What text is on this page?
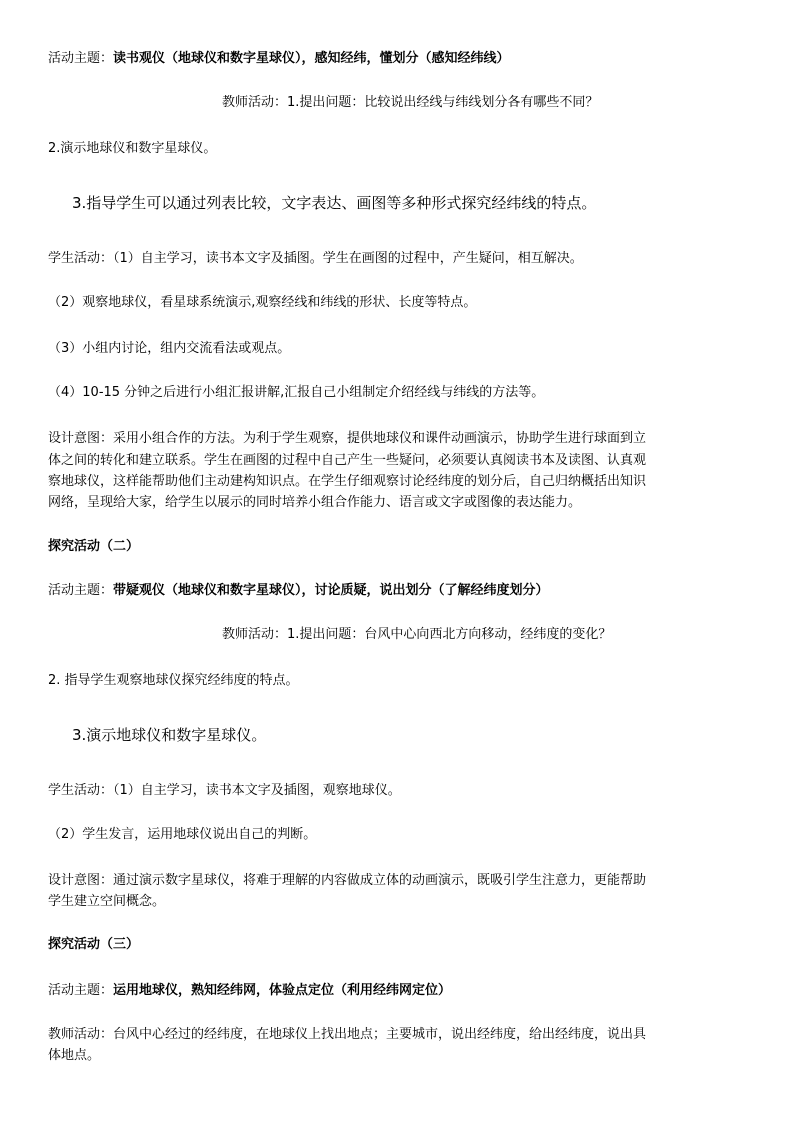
活动主题：读书观仪（地球仪和数字星球仪），感知经纬，懂划分（感知经纬线）
教师活动：1.提出问题：比较说出经线与纬线划分各有哪些不同？
2.演示地球仪和数字星球仪。
3.指导学生可以通过列表比较，文字表达、画图等多种形式探究经纬线的特点。
学生活动：（1）自主学习，读书本文字及插图。学生在画图的过程中，产生疑问，相互解决。
（2）观察地球仪，看星球系统演示,观察经线和纬线的形状、长度等特点。
（3）小组内讨论，组内交流看法或观点。
（4）10-15 分钟之后进行小组汇报讲解,汇报自己小组制定介绍经线与纬线的方法等。
设计意图：采用小组合作的方法。为利于学生观察，提供地球仪和课件动画演示，协助学生进行球面到立
体之间的转化和建立联系。学生在画图的过程中自己产生一些疑问，必须要认真阅读书本及读图、认真观
察地球仪，这样能帮助他们主动建构知识点。在学生仔细观察讨论经纬度的划分后，自己归纳概括出知识
网络，呈现给大家，给学生以展示的同时培养小组合作能力、语言或文字或图像的表达能力。
探究活动（二）
活动主题：带疑观仪（地球仪和数字星球仪），讨论质疑，说出划分（了解经纬度划分）
教师活动：1.提出问题：台风中心向西北方向移动，经纬度的变化？
2. 指导学生观察地球仪探究经纬度的特点。
3.演示地球仪和数字星球仪。
学生活动：（1）自主学习，读书本文字及插图，观察地球仪。
（2）学生发言，运用地球仪说出自己的判断。
设计意图：通过演示数字星球仪，将难于理解的内容做成立体的动画演示，既吸引学生注意力，更能帮助
学生建立空间概念。
探究活动（三）
活动主题：运用地球仪，熟知经纬网，体验点定位（利用经纬网定位）
教师活动：台风中心经过的经纬度，在地球仪上找出地点；主要城市，说出经纬度，给出经纬度，说出具
体地点。
